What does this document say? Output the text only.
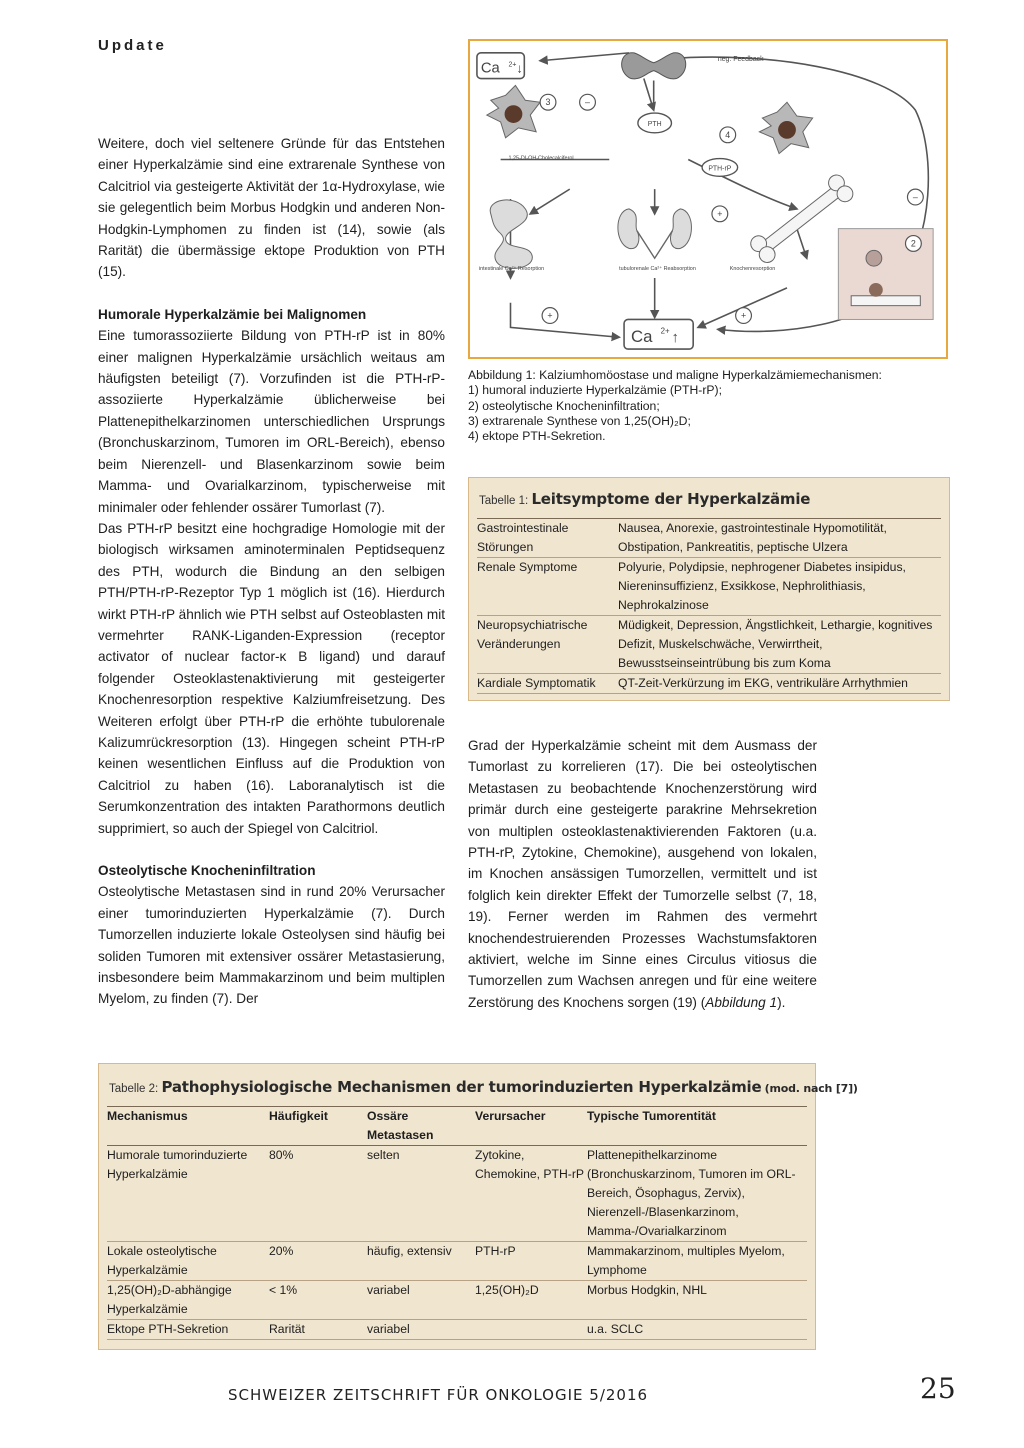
Update

Weitere, doch viel seltenere Gründe für das Entstehen einer Hyperkalzämie sind eine extrarenale Synthese von Calcitriol via gesteigerte Aktivität der 1α-Hydroxylase, wie sie gelegentlich beim Morbus Hodgkin und anderen Non-Hodgkin-Lymphomen zu finden ist (14), sowie (als Rarität) die übermässige ektope Produktion von PTH (15).

Humorale Hyperkalzämie bei Malignomen

Eine tumorassoziierte Bildung von PTH-rP ist in 80% einer malignen Hyperkalzämie ursächlich weitaus am häufigsten beteiligt (7). Vorzufinden ist die PTH-rP-assoziierte Hyperkalzämie üblicherweise bei Plattenepithelkarzinomen unterschiedlichen Ursprungs (Bronchuskarzinom, Tumoren im ORL-Bereich), ebenso beim Nierenzell- und Blasenkarzinom sowie beim Mamma- und Ovarialkarzinom, typischerweise mit minimaler oder fehlender ossärer Tumorlast (7).

Das PTH-rP besitzt eine hochgradige Homologie mit der biologisch wirksamen aminoterminalen Peptidsequenz des PTH, wodurch die Bindung an den selbigen PTH/PTH-rP-Rezeptor Typ 1 möglich ist (16). Hierdurch wirkt PTH-rP ähnlich wie PTH selbst auf Osteoblasten mit vermehrter RANK-Liganden-Expression (receptor activator of nuclear factor-κ B ligand) und darauf folgender Osteoklastenaktivierung mit gesteigerter Knochenresorption respektive Kalziumfreisetzung. Des Weiteren erfolgt über PTH-rP die erhöhte tubulorenale Kalizumrückresorption (13). Hingegen scheint PTH-rP keinen wesentlichen Einfluss auf die Produktion von Calcitriol zu haben (16). Laboranalytisch ist die Serumkonzentration des intakten Parathormons deutlich supprimiert, so auch der Spiegel von Calcitriol.

Osteolytische Knocheninfiltration

Osteolytische Metastasen sind in rund 20% Verursacher einer tumorinduzierten Hyperkalzämie (7). Durch Tumorzellen induzierte lokale Osteolysen sind häufig bei soliden Tumoren mit extensiver ossärer Metastasierung, insbesondere beim Mammakarzinom und beim multiplen Myelom, zu finden (7). Der

Grad der Hyperkalzämie scheint mit dem Ausmass der Tumorlast zu korrelieren (17). Die bei osteolytischen Metastasen zu beobachtende Knochenzerstörung wird primär durch eine gesteigerte parakrine Mehrsekretion von multiplen osteoklastenaktivierenden Faktoren (u.a. PTH-rP, Zytokine, Chemokine), ausgehend von lokalen, im Knochen ansässigen Tumorzellen, vermittelt und ist folglich kein direkter Effekt der Tumorzelle selbst (7, 18, 19). Ferner werden im Rahmen des vermehrt knochendestruierenden Prozesses Wachstumsfaktoren aktiviert, welche im Sinne eines Circulus vitiosus die Tumorzellen zum Wachsen anregen und für eine weitere Zerstörung des Knochens sorgen (19) (Abbildung 1).

3	–
4
+
–
2
+	+
Ca 2+ ↓
Ca 2+ ↑
neg. Feedback
PTH
PTH-rP
1,25-DI-OH-Cholecalciferol
intestinale Ca²⁺ Resorption	tubulorenale Ca²⁺ Reabsorption	Knochenresorption
Abbildung 1: Kalziumhomöostase und maligne Hyperkalzämiemechanismen:
1) humoral induzierte Hyperkalzämie (PTH-rP);
2) osteolytische Knocheninfiltration;
3) extrarenale Synthese von 1,25(OH)₂D;
4) ektope PTH-Sekretion.
Tabelle 1: Leitsymptome der Hyperkalzämie
Gastrointestinale Störungen	Nausea, Anorexie, gastrointestinale Hypomotilität, Obstipation, Pankreatitis, peptische Ulzera
Renale Symptome	Polyurie, Polydipsie, nephrogener Diabetes insipidus, Niereninsuffizienz, Exsikkose, Nephrolithiasis, Nephrokalzinose
Neuropsychiatrische Veränderungen	Müdigkeit, Depression, Ängstlichkeit, Lethargie, kognitives Defizit, Muskelschwäche, Verwirrtheit, Bewusstseinseintrübung bis zum Koma
Kardiale Symptomatik	QT-Zeit-Verkürzung im EKG, ventrikuläre Arrhythmien
Tabelle 2: Pathophysiologische Mechanismen der tumorinduzierten Hyperkalzämie (mod. nach [7])
Mechanismus	Häufigkeit	Ossäre Metastasen	Verursacher	Typische Tumorentität
Humorale tumorinduzierte Hyperkalzämie	80%	selten	Zytokine, Chemokine, PTH-rP	Plattenepithelkarzinome (Bronchuskarzinom, Tumoren im ORL-Bereich, Ösophagus, Zervix), Nierenzell-/Blasenkarzinom, Mamma-/Ovarialkarzinom
Lokale osteolytische Hyperkalzämie	20%	häufig, extensiv	PTH-rP	Mammakarzinom, multiples Myelom, Lymphome
1,25(OH)₂D-abhängige Hyperkalzämie	< 1%	variabel	1,25(OH)₂D	Morbus Hodgkin, NHL
Ektope PTH-Sekretion	Rarität	variabel		u.a. SCLC
SCHWEIZER ZEITSCHRIFT FÜR ONKOLOGIE 5/2016	25
